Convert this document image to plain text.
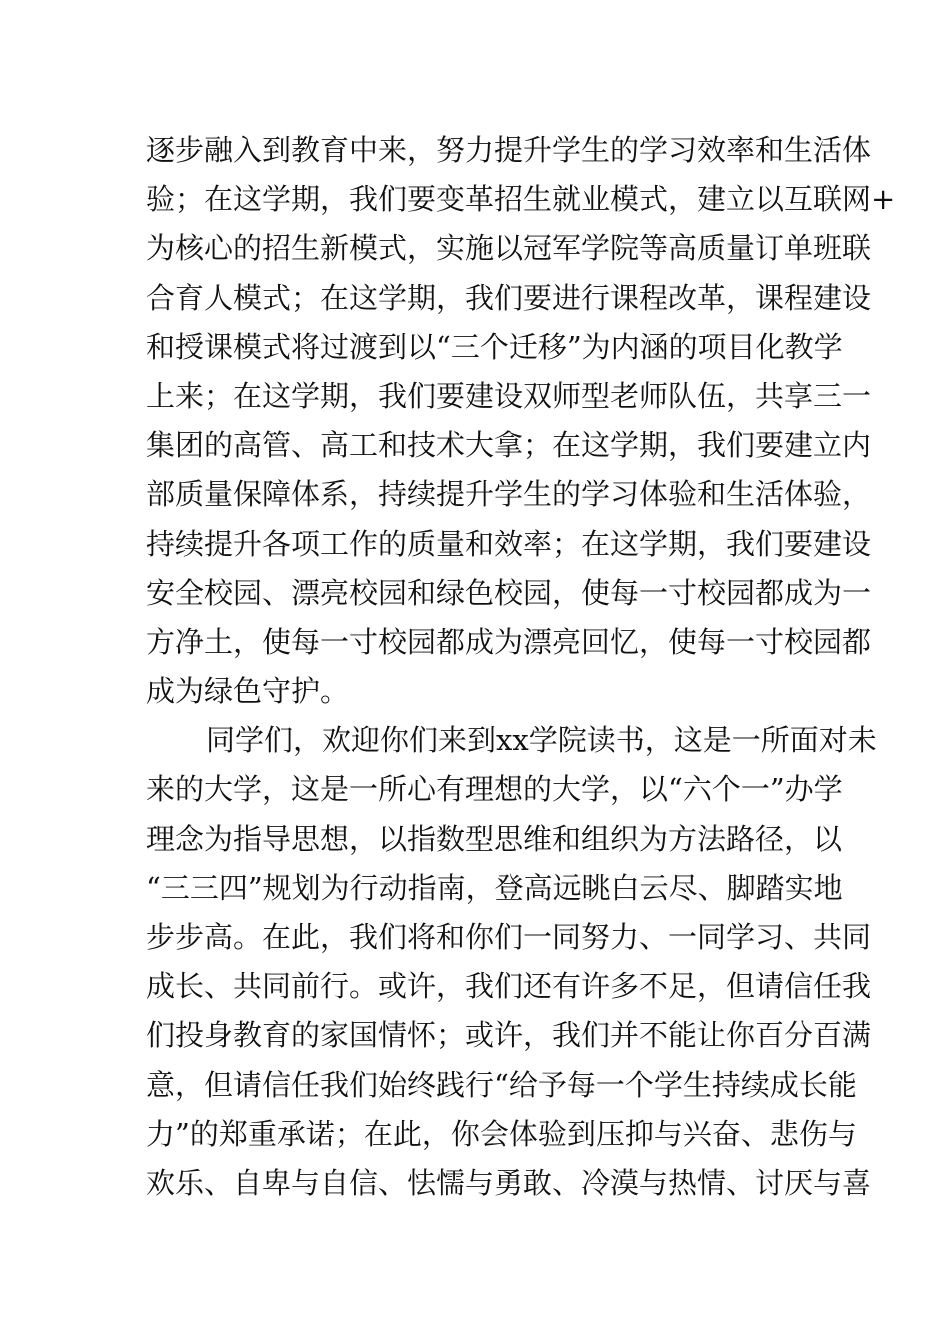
逐步融入到教育中来，努力提升学生的学习效率和生活体
验；在这学期，我们要变革招生就业模式，建立以互联网+
为核心的招生新模式，实施以冠军学院等高质量订单班联
合育人模式；在这学期，我们要进行课程改革，课程建设
和授课模式将过渡到以“三个迁移”为内涵的项目化教学
上来；在这学期，我们要建设双师型老师队伍，共享三一
集团的高管、高工和技术大拿；在这学期，我们要建立内
部质量保障体系，持续提升学生的学习体验和生活体验，
持续提升各项工作的质量和效率；在这学期，我们要建设
安全校园、漂亮校园和绿色校园，使每一寸校园都成为一
方净土，使每一寸校园都成为漂亮回忆，使每一寸校园都
成为绿色守护。
同学们，欢迎你们来到xx学院读书，这是一所面对未
来的大学，这是一所心有理想的大学，以“六个一”办学
理念为指导思想，以指数型思维和组织为方法路径，以
“三三四”规划为行动指南，登高远眺白云尽、脚踏实地
步步高。在此，我们将和你们一同努力、一同学习、共同
成长、共同前行。或许，我们还有许多不足，但请信任我
们投身教育的家国情怀；或许，我们并不能让你百分百满
意，但请信任我们始终践行“给予每一个学生持续成长能
力”的郑重承诺；在此，你会体验到压抑与兴奋、悲伤与
欢乐、自卑与自信、怯懦与勇敢、冷漠与热情、讨厌与喜
